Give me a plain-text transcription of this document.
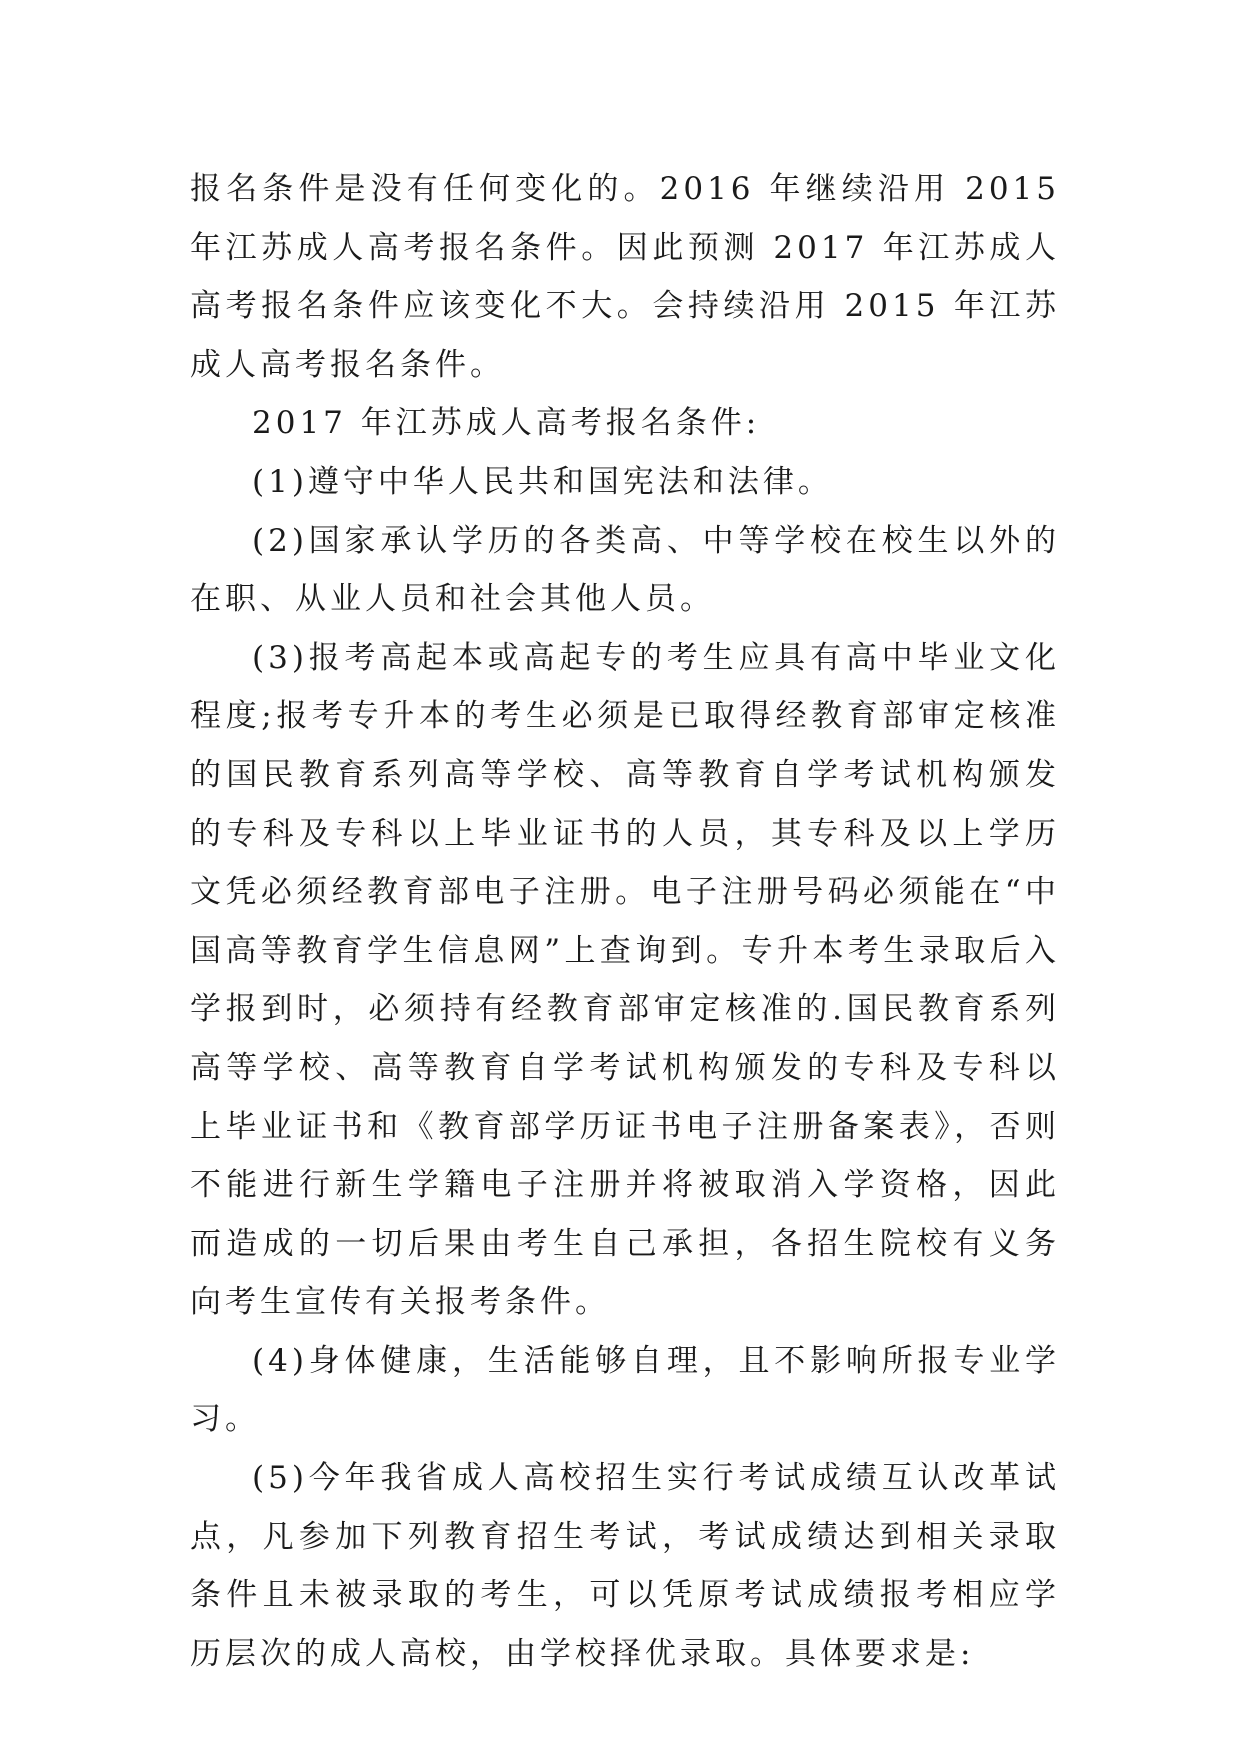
报名条件是没有任何变化的。2016 年继续沿用 2015 年江苏成人高考报名条件。因此预测 2017 年江苏成人高考报名条件应该变化不大。会持续沿用 2015 年江苏成人高考报名条件。

2017 年江苏成人高考报名条件:

(1)遵守中华人民共和国宪法和法律。

(2)国家承认学历的各类高、中等学校在校生以外的在职、从业人员和社会其他人员。

(3)报考高起本或高起专的考生应具有高中毕业文化程度;报考专升本的考生必须是已取得经教育部审定核准的国民教育系列高等学校、高等教育自学考试机构颁发的专科及专科以上毕业证书的人员，其专科及以上学历文凭必须经教育部电子注册。电子注册号码必须能在“中国高等教育学生信息网”上查询到。专升本考生录取后入学报到时，必须持有经教育部审定核准的.国民教育系列高等学校、高等教育自学考试机构颁发的专科及专科以上毕业证书和《教育部学历证书电子注册备案表》，否则不能进行新生学籍电子注册并将被取消入学资格，因此而造成的一切后果由考生自己承担，各招生院校有义务向考生宣传有关报考条件。

(4)身体健康，生活能够自理，且不影响所报专业学习。

(5)今年我省成人高校招生实行考试成绩互认改革试点，凡参加下列教育招生考试，考试成绩达到相关录取条件且未被录取的考生，可以凭原考试成绩报考相应学历层次的成人高校，由学校择优录取。具体要求是:
